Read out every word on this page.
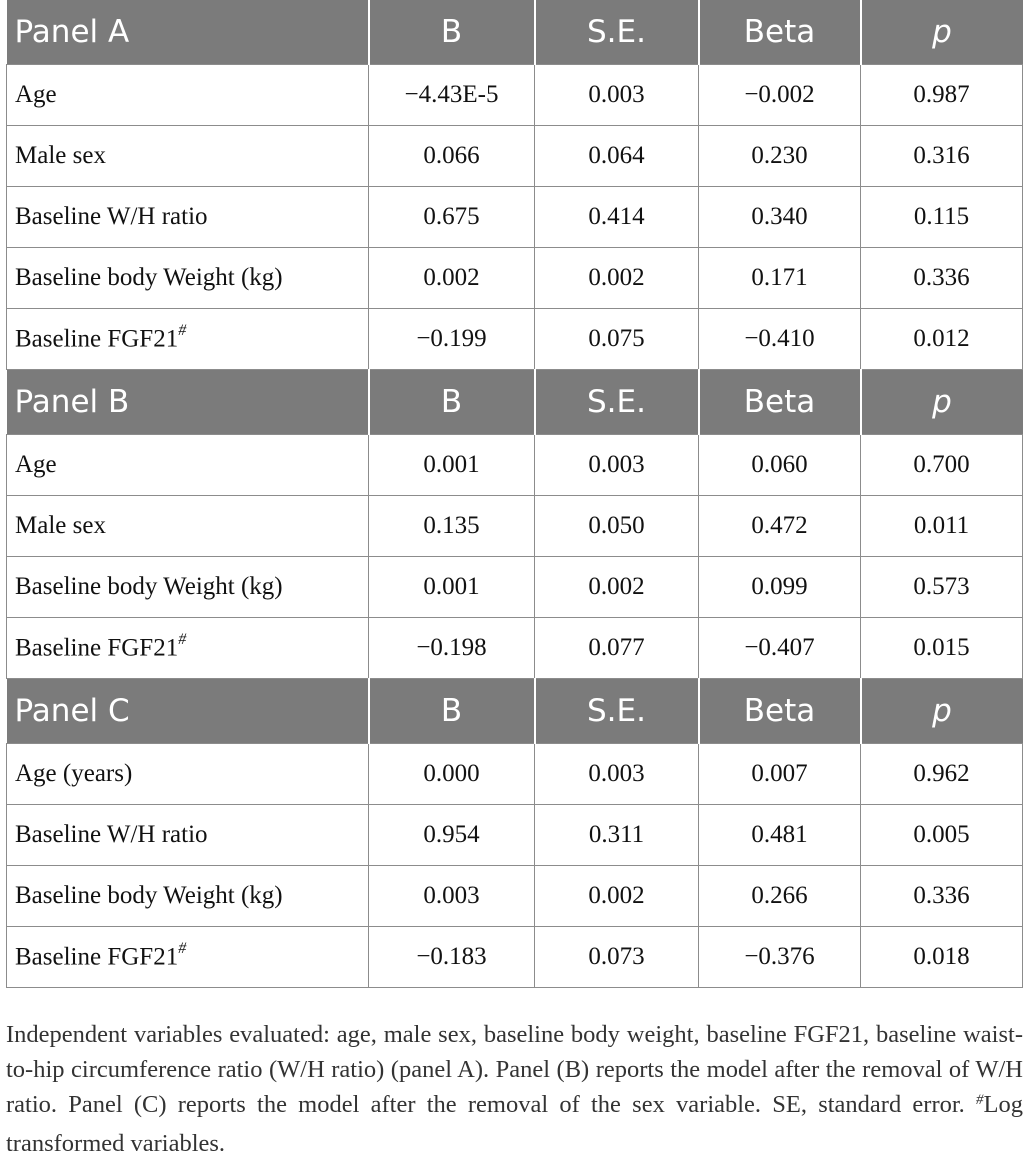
Panel A	B	S.E.	Beta	p
Age	−4.43E-5	0.003	−0.002	0.987
Male sex	0.066	0.064	0.230	0.316
Baseline W/H ratio	0.675	0.414	0.340	0.115
Baseline body Weight (kg)	0.002	0.002	0.171	0.336
Baseline FGF21#	−0.199	0.075	−0.410	0.012
Panel B	B	S.E.	Beta	p
Age	0.001	0.003	0.060	0.700
Male sex	0.135	0.050	0.472	0.011
Baseline body Weight (kg)	0.001	0.002	0.099	0.573
Baseline FGF21#	−0.198	0.077	−0.407	0.015
Panel C	B	S.E.	Beta	p
Age (years)	0.000	0.003	0.007	0.962
Baseline W/H ratio	0.954	0.311	0.481	0.005
Baseline body Weight (kg)	0.003	0.002	0.266	0.336
Baseline FGF21#	−0.183	0.073	−0.376	0.018

Independent variables evaluated: age, male sex, baseline body weight, baseline FGF21, baseline waist-to-hip circumference ratio (W/H ratio) (panel A). Panel (B) reports the model after the removal of W/H ratio. Panel (C) reports the model after the removal of the sex variable. SE, standard error. #Log transformed variables.
